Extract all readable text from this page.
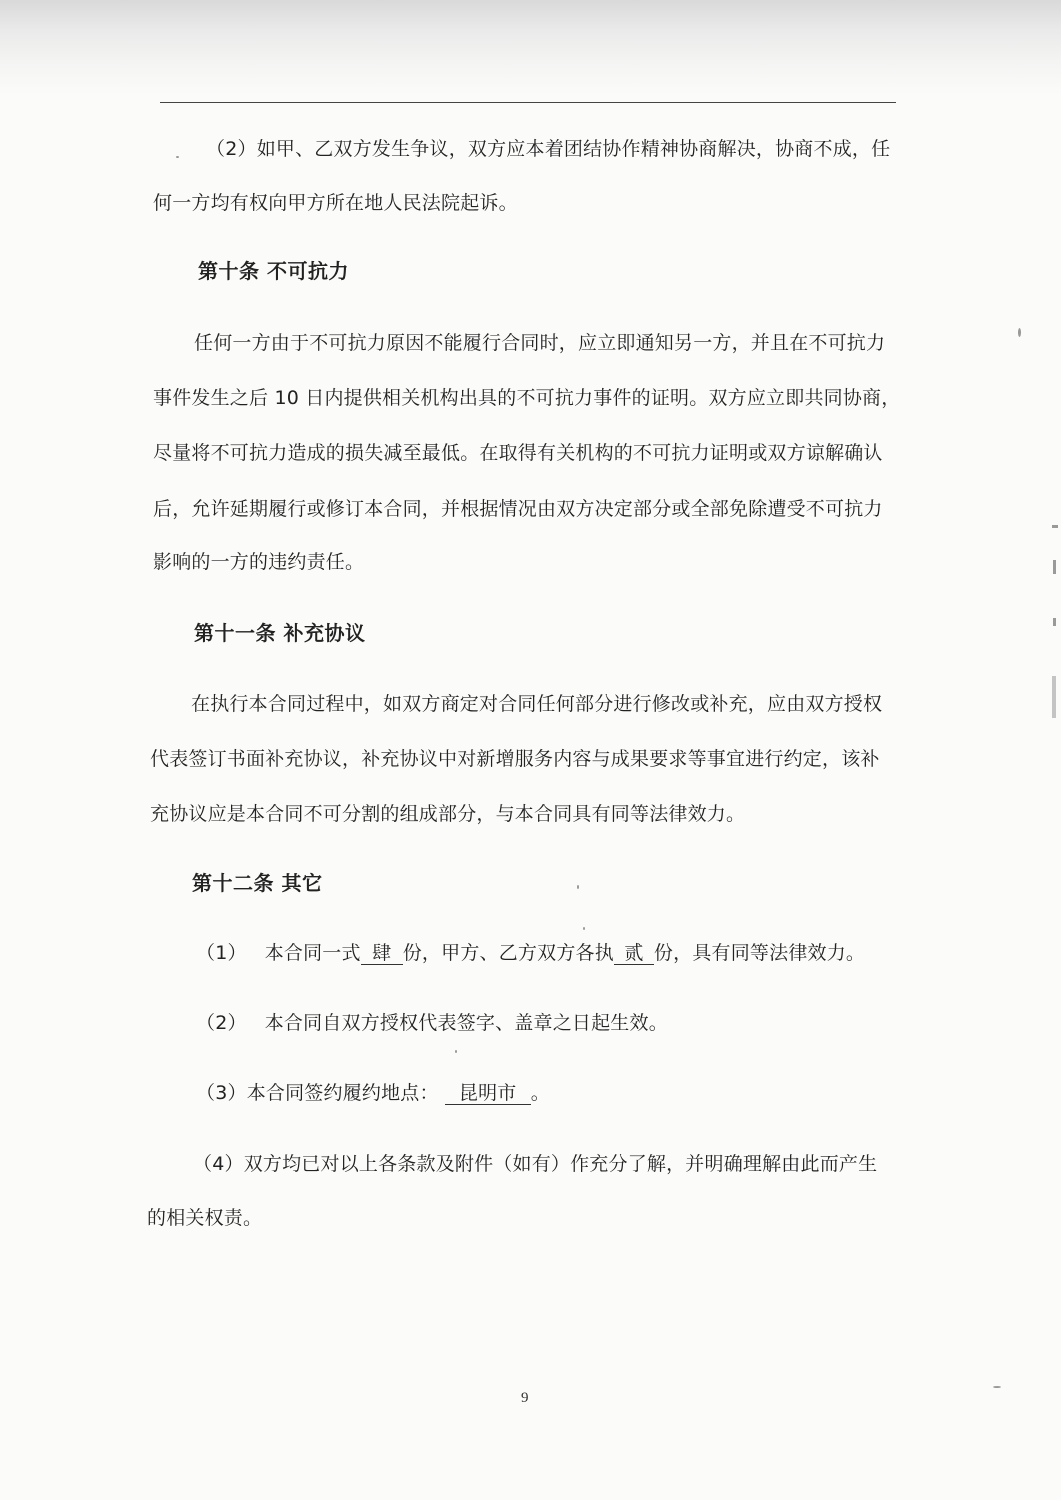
（2）如甲、乙双方发生争议，双方应本着团结协作精神协商解决，协商不成，任
何一方均有权向甲方所在地人民法院起诉。
第十条 不可抗力
任何一方由于不可抗力原因不能履行合同时，应立即通知另一方，并且在不可抗力
事件发生之后 10 日内提供相关机构出具的不可抗力事件的证明。双方应立即共同协商，
尽量将不可抗力造成的损失减至最低。在取得有关机构的不可抗力证明或双方谅解确认
后，允许延期履行或修订本合同，并根据情况由双方决定部分或全部免除遭受不可抗力
影响的一方的违约责任。
第十一条 补充协议
在执行本合同过程中，如双方商定对合同任何部分进行修改或补充，应由双方授权
代表签订书面补充协议，补充协议中对新增服务内容与成果要求等事宜进行约定，该补
充协议应是本合同不可分割的组成部分，与本合同具有同等法律效力。
第十二条 其它
（1） 本合同一式 肆 份，甲方、乙方双方各执 贰 份，具有同等法律效力。
（2） 本合同自双方授权代表签字、盖章之日起生效。
（3）本合同签约履约地点： 昆明市 。
（4）双方均已对以上各条款及附件（如有）作充分了解，并明确理解由此而产生
的相关权责。
9
